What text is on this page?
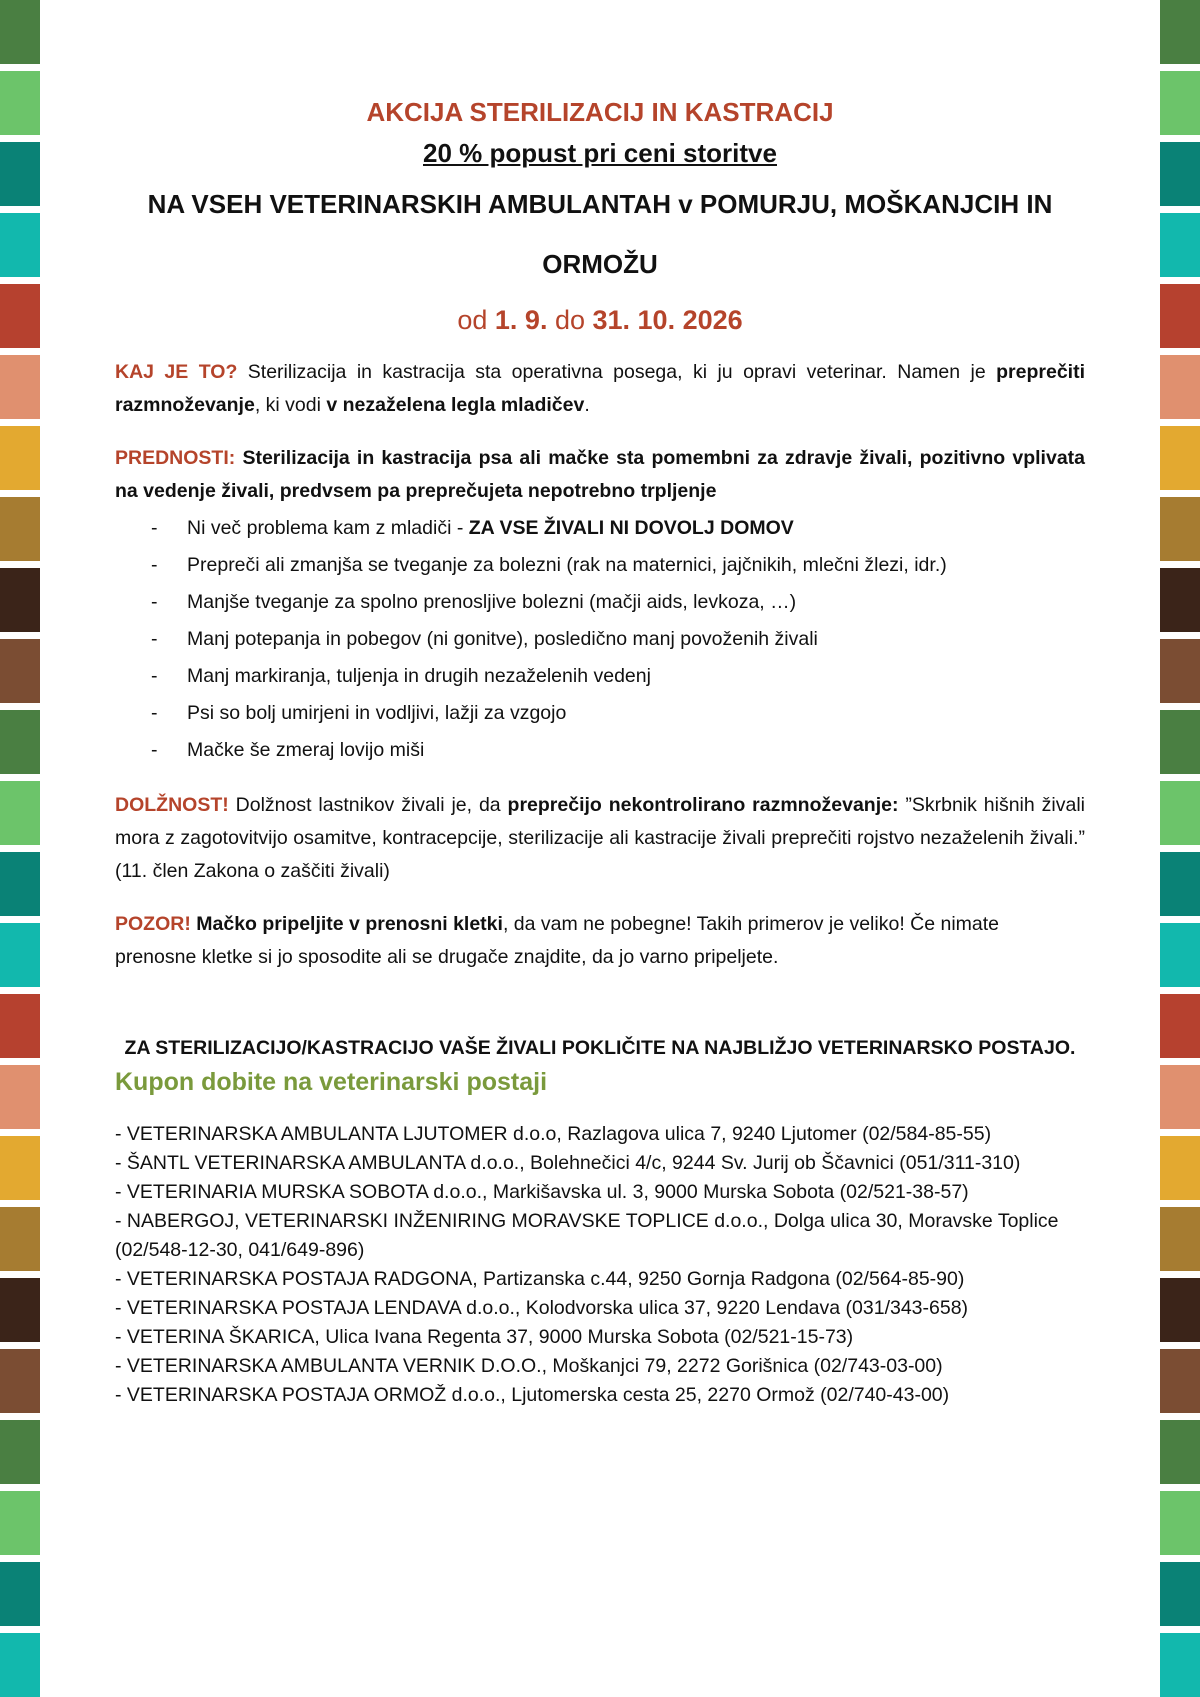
AKCIJA STERILIZACIJ IN KASTRACIJ
20 % popust pri ceni storitve
NA VSEH VETERINARSKIH AMBULANTAH v POMURJU, MOŠKANJCIH IN
ORMOŽU
od 1. 9. do 31. 10. 2026

KAJ JE TO? Sterilizacija in kastracija sta operativna posega, ki ju opravi veterinar. Namen je preprečiti razmnoževanje, ki vodi v nezaželena legla mladičev.

PREDNOSTI: Sterilizacija in kastracija psa ali mačke sta pomembni za zdravje živali, pozitivno vplivata na vedenje živali, predvsem pa preprečujeta nepotrebno trpljenje

-	Ni več problema kam z mladiči - ZA VSE ŽIVALI NI DOVOLJ DOMOV
-	Prepreči ali zmanjša se tveganje za bolezni (rak na maternici, jajčnikih, mlečni žlezi, idr.)
-	Manjše tveganje za spolno prenosljive bolezni (mačji aids, levkoza, …)
-	Manj potepanja in pobegov (ni gonitve), posledično manj povoženih živali
-	Manj markiranja, tuljenja in drugih nezaželenih vedenj
-	Psi so bolj umirjeni in vodljivi, lažji za vzgojo
-	Mačke še zmeraj lovijo miši

DOLŽNOST! Dolžnost lastnikov živali je, da preprečijo nekontrolirano razmnoževanje: ”Skrbnik hišnih živali mora z zagotovitvijo osamitve, kontracepcije, sterilizacije ali kastracije živali preprečiti rojstvo nezaželenih živali.” (11. člen Zakona o zaščiti živali)

POZOR! Mačko pripeljite v prenosni kletki, da vam ne pobegne! Takih primerov je veliko! Če nimate prenosne kletke si jo sposodite ali se drugače znajdite, da jo varno pripeljete.

ZA STERILIZACIJO/KASTRACIJO VAŠE ŽIVALI POKLIČITE NA NAJBLIŽJO VETERINARSKO POSTAJO.
Kupon dobite na veterinarski postaji
- VETERINARSKA AMBULANTA LJUTOMER d.o.o, Razlagova ulica 7, 9240 Ljutomer (02/584-85-55)
- ŠANTL VETERINARSKA AMBULANTA d.o.o., Bolehnečici 4/c, 9244 Sv. Jurij ob Ščavnici (051/311-310)
- VETERINARIA MURSKA SOBOTA d.o.o., Markišavska ul. 3, 9000 Murska Sobota (02/521-38-57)
- NABERGOJ, VETERINARSKI INŽENIRING MORAVSKE TOPLICE d.o.o., Dolga ulica 30, Moravske Toplice (02/548-12-30, 041/649-896)
- VETERINARSKA POSTAJA RADGONA, Partizanska c.44, 9250 Gornja Radgona (02/564-85-90)
- VETERINARSKA POSTAJA LENDAVA d.o.o., Kolodvorska ulica 37, 9220 Lendava (031/343-658)
- VETERINA ŠKARICA, Ulica Ivana Regenta 37, 9000 Murska Sobota (02/521-15-73)
- VETERINARSKA AMBULANTA VERNIK D.O.O., Moškanjci 79, 2272 Gorišnica (02/743-03-00)
- VETERINARSKA POSTAJA ORMOŽ d.o.o., Ljutomerska cesta 25, 2270 Ormož (02/740-43-00)
